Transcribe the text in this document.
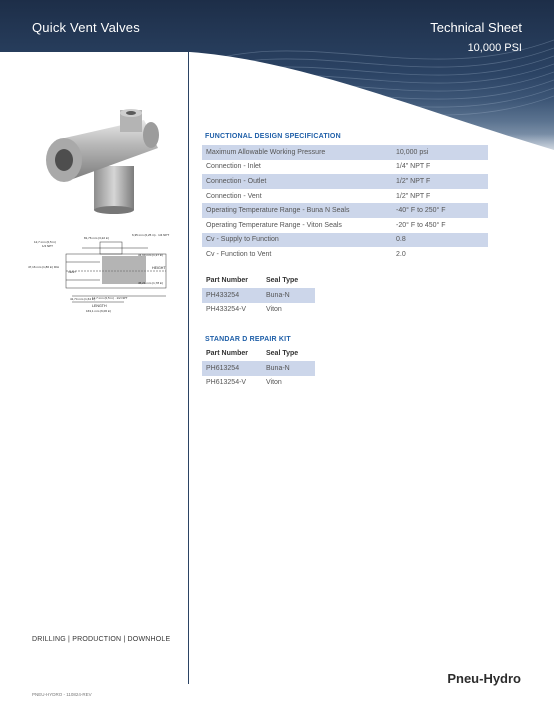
Quick Vent Valves	Technical Sheet
10,000 PSI
12,7 mm (0,5 in)
1/4 NPT
81,76 mm (3,22 in)
6,35 mm (0,25 in) · 1/4 NPT
34,99 mm (1,37 in)
HEIGHT
45,21 mm (1,78 in)
47,16 mm (1,86 in) DIA
VENT
41,74 mm (1,64 in)
12,7 mm (0,5 in) · 1/2 NPT
LENGTH
163,1 mm (6,06 in)
FUNCTIONAL DESIGN SPECIFICATION
Maximum Allowable Working Pressure	10,000 psi
Connection - Inlet	1/4" NPT F
Connection - Outlet	1/2" NPT F
Connection - Vent	1/2" NPT F
Operating Temperature Range - Buna N Seals	-40° F to 250° F
Operating Temperature Range - Viton Seals	-20° F to 450° F
Cv - Supply to Function	0.8
Cv - Function to Vent	2.0
Part Number	Seal Type
PH433254	Buna-N
PH433254-V	Viton
STANDAR D REPAIR KIT
Part Number	Seal Type
PH613254	Buna-N
PH613254-V	Viton
DRILLING | PRODUCTION | DOWNHOLE
PNEU-HYDRO - 110824-REV
Pneu-Hydro
